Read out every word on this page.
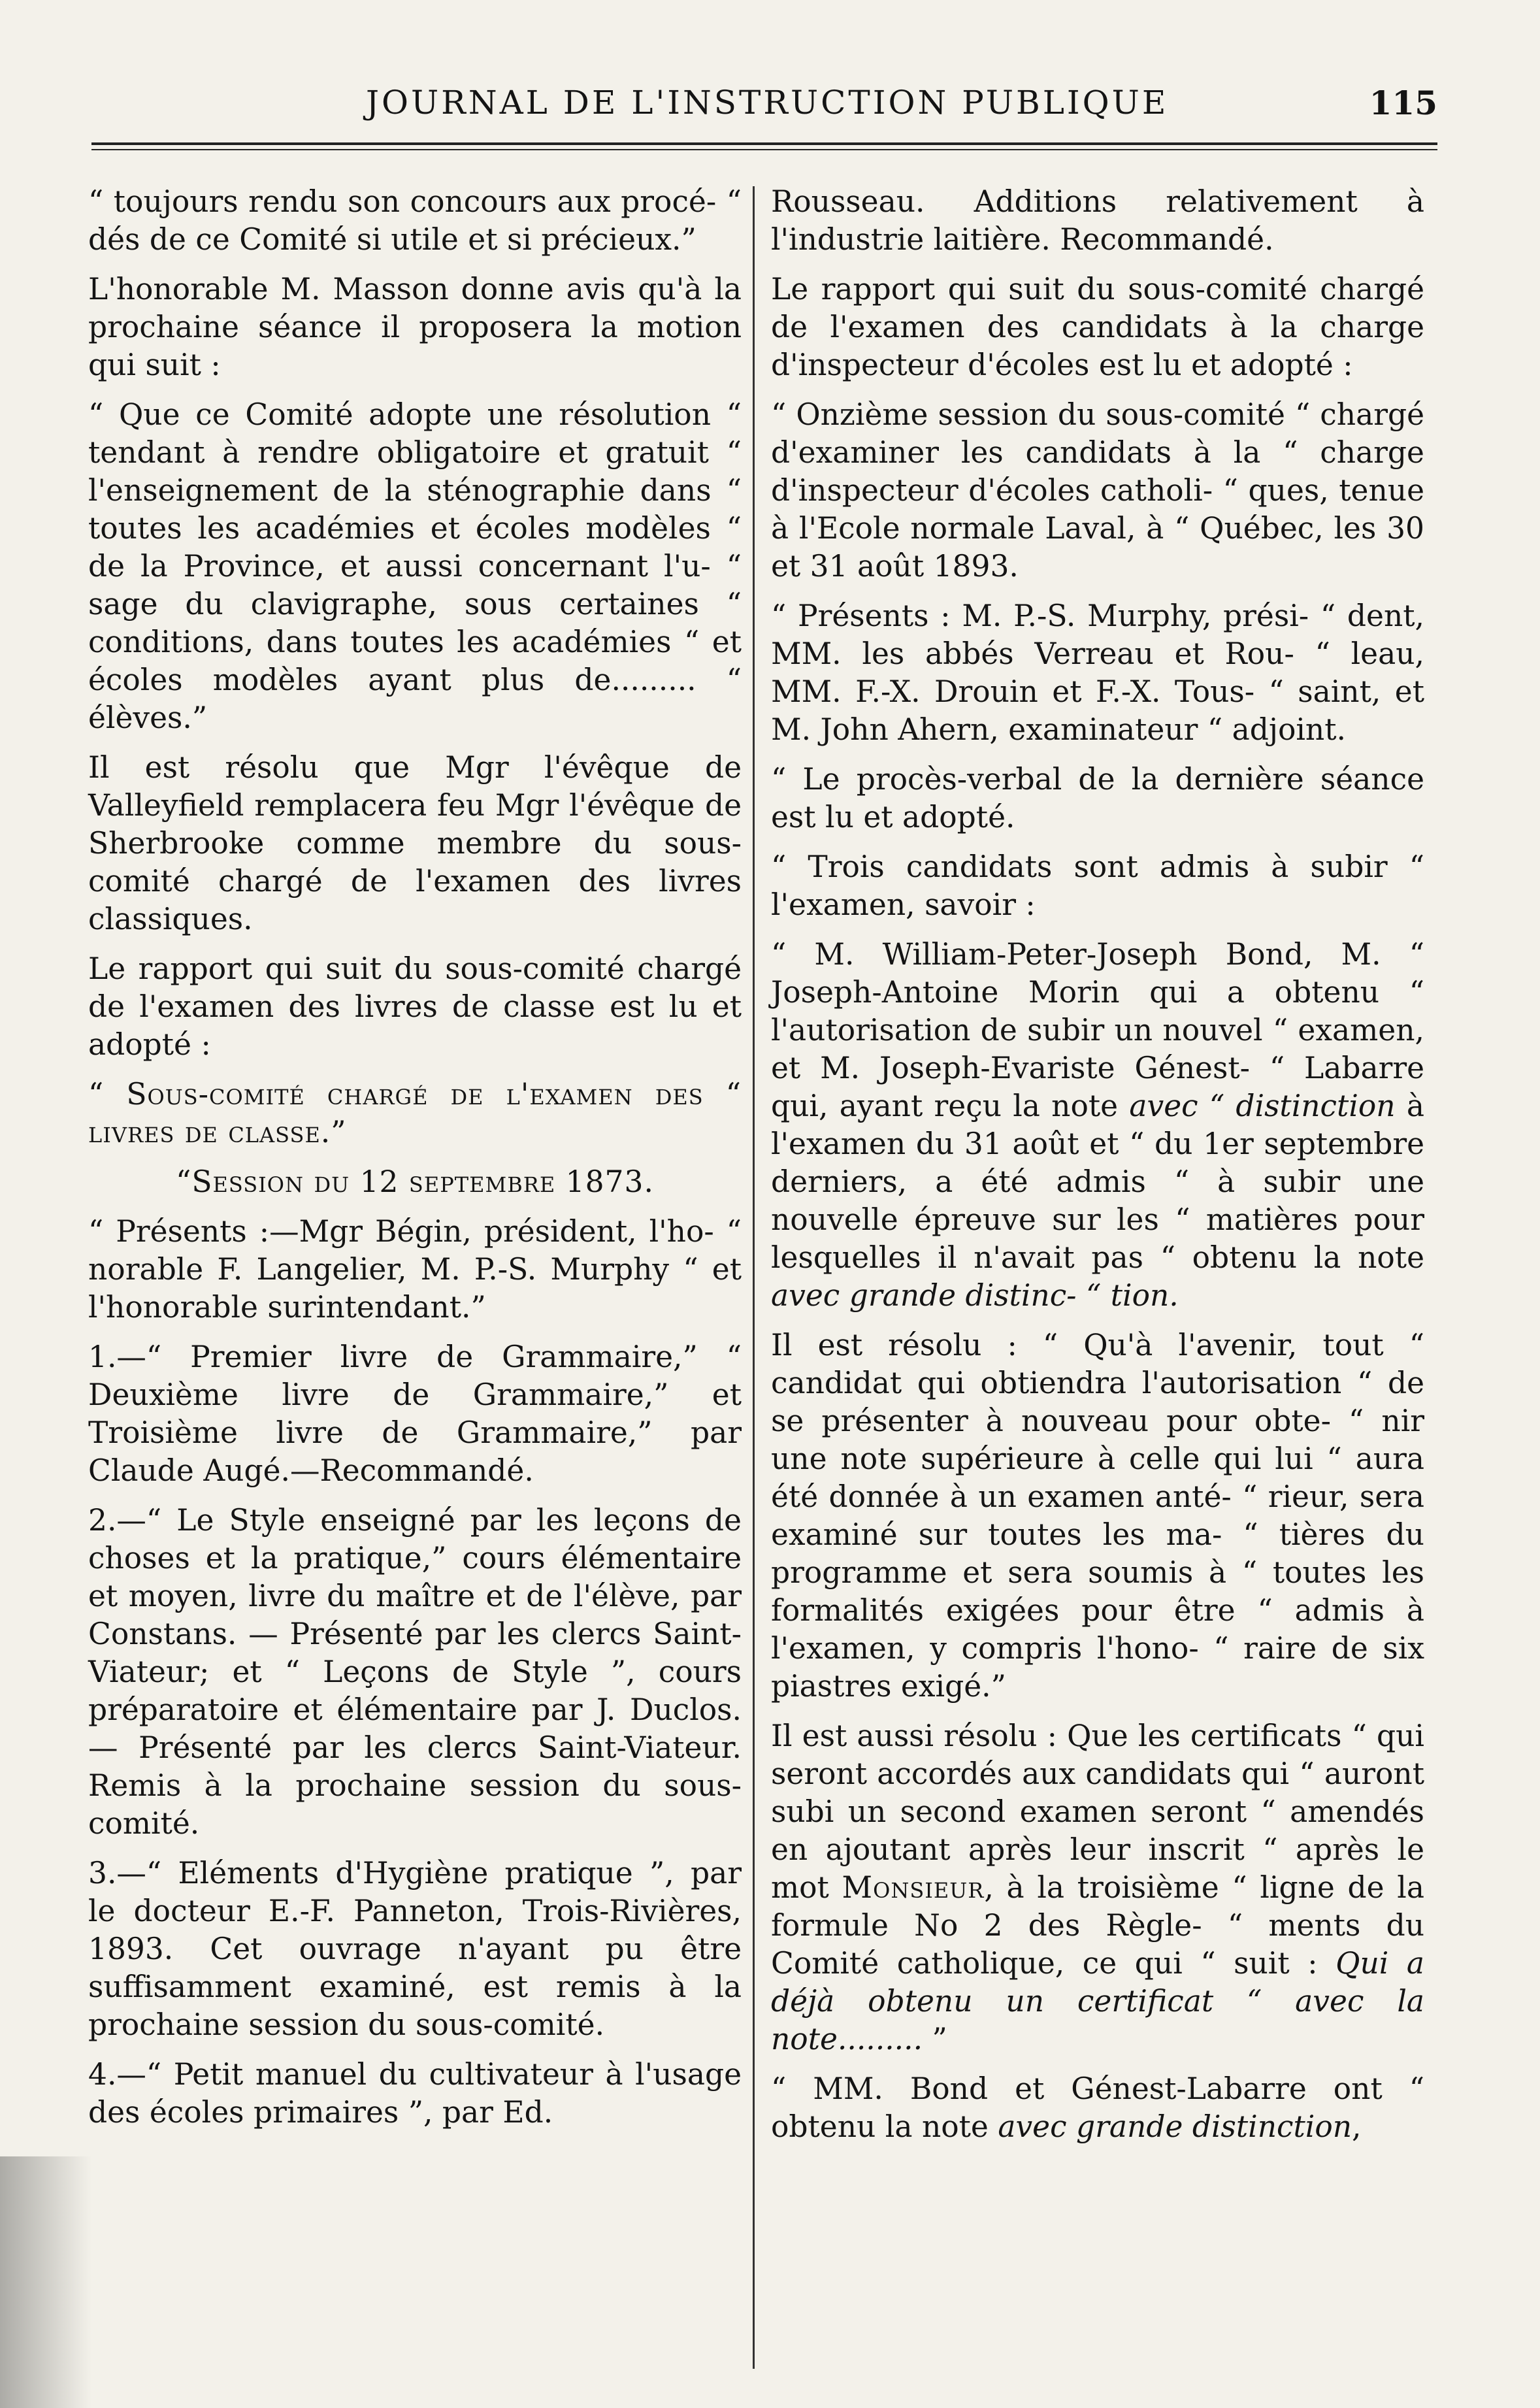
JOURNAL DE L'INSTRUCTION PUBLIQUE	115

“ toujours rendu son concours aux procé- “ dés de ce Comité si utile et si précieux.”

L'honorable M. Masson donne avis qu'à la prochaine séance il proposera la motion qui suit :

“ Que ce Comité adopte une résolution “ tendant à rendre obligatoire et gratuit “ l'enseignement de la sténographie dans “ toutes les académies et écoles modèles “ de la Province, et aussi concernant l'u- “ sage du clavigraphe, sous certaines “ conditions, dans toutes les académies “ et écoles modèles ayant plus de......... “ élèves.”

Il est résolu que Mgr l'évêque de Valleyfield remplacera feu Mgr l'évêque de Sherbrooke comme membre du sous-comité chargé de l'examen des livres classiques.

Le rapport qui suit du sous-comité chargé de l'examen des livres de classe est lu et adopté :

“ Sous-comité chargé de l'examen des “ livres de classe.”

“Session du 12 septembre 1873.

“ Présents :—Mgr Bégin, président, l'ho- “ norable F. Langelier, M. P.-S. Murphy “ et l'honorable surintendant.”

1.—“ Premier livre de Grammaire,” “ Deuxième livre de Grammaire,” et Troisième livre de Grammaire,” par Claude Augé.—Recommandé.

2.—“ Le Style enseigné par les leçons de choses et la pratique,” cours élémentaire et moyen, livre du maître et de l'élève, par Constans. — Présenté par les clercs Saint-Viateur; et “ Leçons de Style ”, cours préparatoire et élémentaire par J. Duclos.— Présenté par les clercs Saint-Viateur. Remis à la prochaine session du sous-comité.

3.—“ Eléments d'Hygiène pratique ”, par le docteur E.-F. Panneton, Trois-Rivières, 1893. Cet ouvrage n'ayant pu être suffisamment examiné, est remis à la prochaine session du sous-comité.

4.—“ Petit manuel du cultivateur à l'usage des écoles primaires ”, par Ed.

Rousseau. Additions relativement à l'industrie laitière. Recommandé.

Le rapport qui suit du sous-comité chargé de l'examen des candidats à la charge d'inspecteur d'écoles est lu et adopté :

“ Onzième session du sous-comité “ chargé d'examiner les candidats à la “ charge d'inspecteur d'écoles catholi- “ ques, tenue à l'Ecole normale Laval, à “ Québec, les 30 et 31 août 1893.

“ Présents : M. P.-S. Murphy, prési- “ dent, MM. les abbés Verreau et Rou- “ leau, MM. F.-X. Drouin et F.-X. Tous- “ saint, et M. John Ahern, examinateur “ adjoint.

“ Le procès-verbal de la dernière séance est lu et adopté.

“ Trois candidats sont admis à subir “ l'examen, savoir :

“ M. William-Peter-Joseph Bond, M. “ Joseph-Antoine Morin qui a obtenu “ l'autorisation de subir un nouvel “ examen, et M. Joseph-Evariste Génest- “ Labarre qui, ayant reçu la note avec “ distinction à l'examen du 31 août et “ du 1er septembre derniers, a été admis “ à subir une nouvelle épreuve sur les “ matières pour lesquelles il n'avait pas “ obtenu la note avec grande distinc- “ tion.

Il est résolu : “ Qu'à l'avenir, tout “ candidat qui obtiendra l'autorisation “ de se présenter à nouveau pour obte- “ nir une note supérieure à celle qui lui “ aura été donnée à un examen anté- “ rieur, sera examiné sur toutes les ma- “ tières du programme et sera soumis à “ toutes les formalités exigées pour être “ admis à l'examen, y compris l'hono- “ raire de six piastres exigé.”

Il est aussi résolu : Que les certificats “ qui seront accordés aux candidats qui “ auront subi un second examen seront “ amendés en ajoutant après leur inscrit “ après le mot Monsieur, à la troisième “ ligne de la formule No 2 des Règle- “ ments du Comité catholique, ce qui “ suit : Qui a déjà obtenu un certificat “ avec la note......... ”

“ MM. Bond et Génest-Labarre ont “ obtenu la note avec grande distinction,
